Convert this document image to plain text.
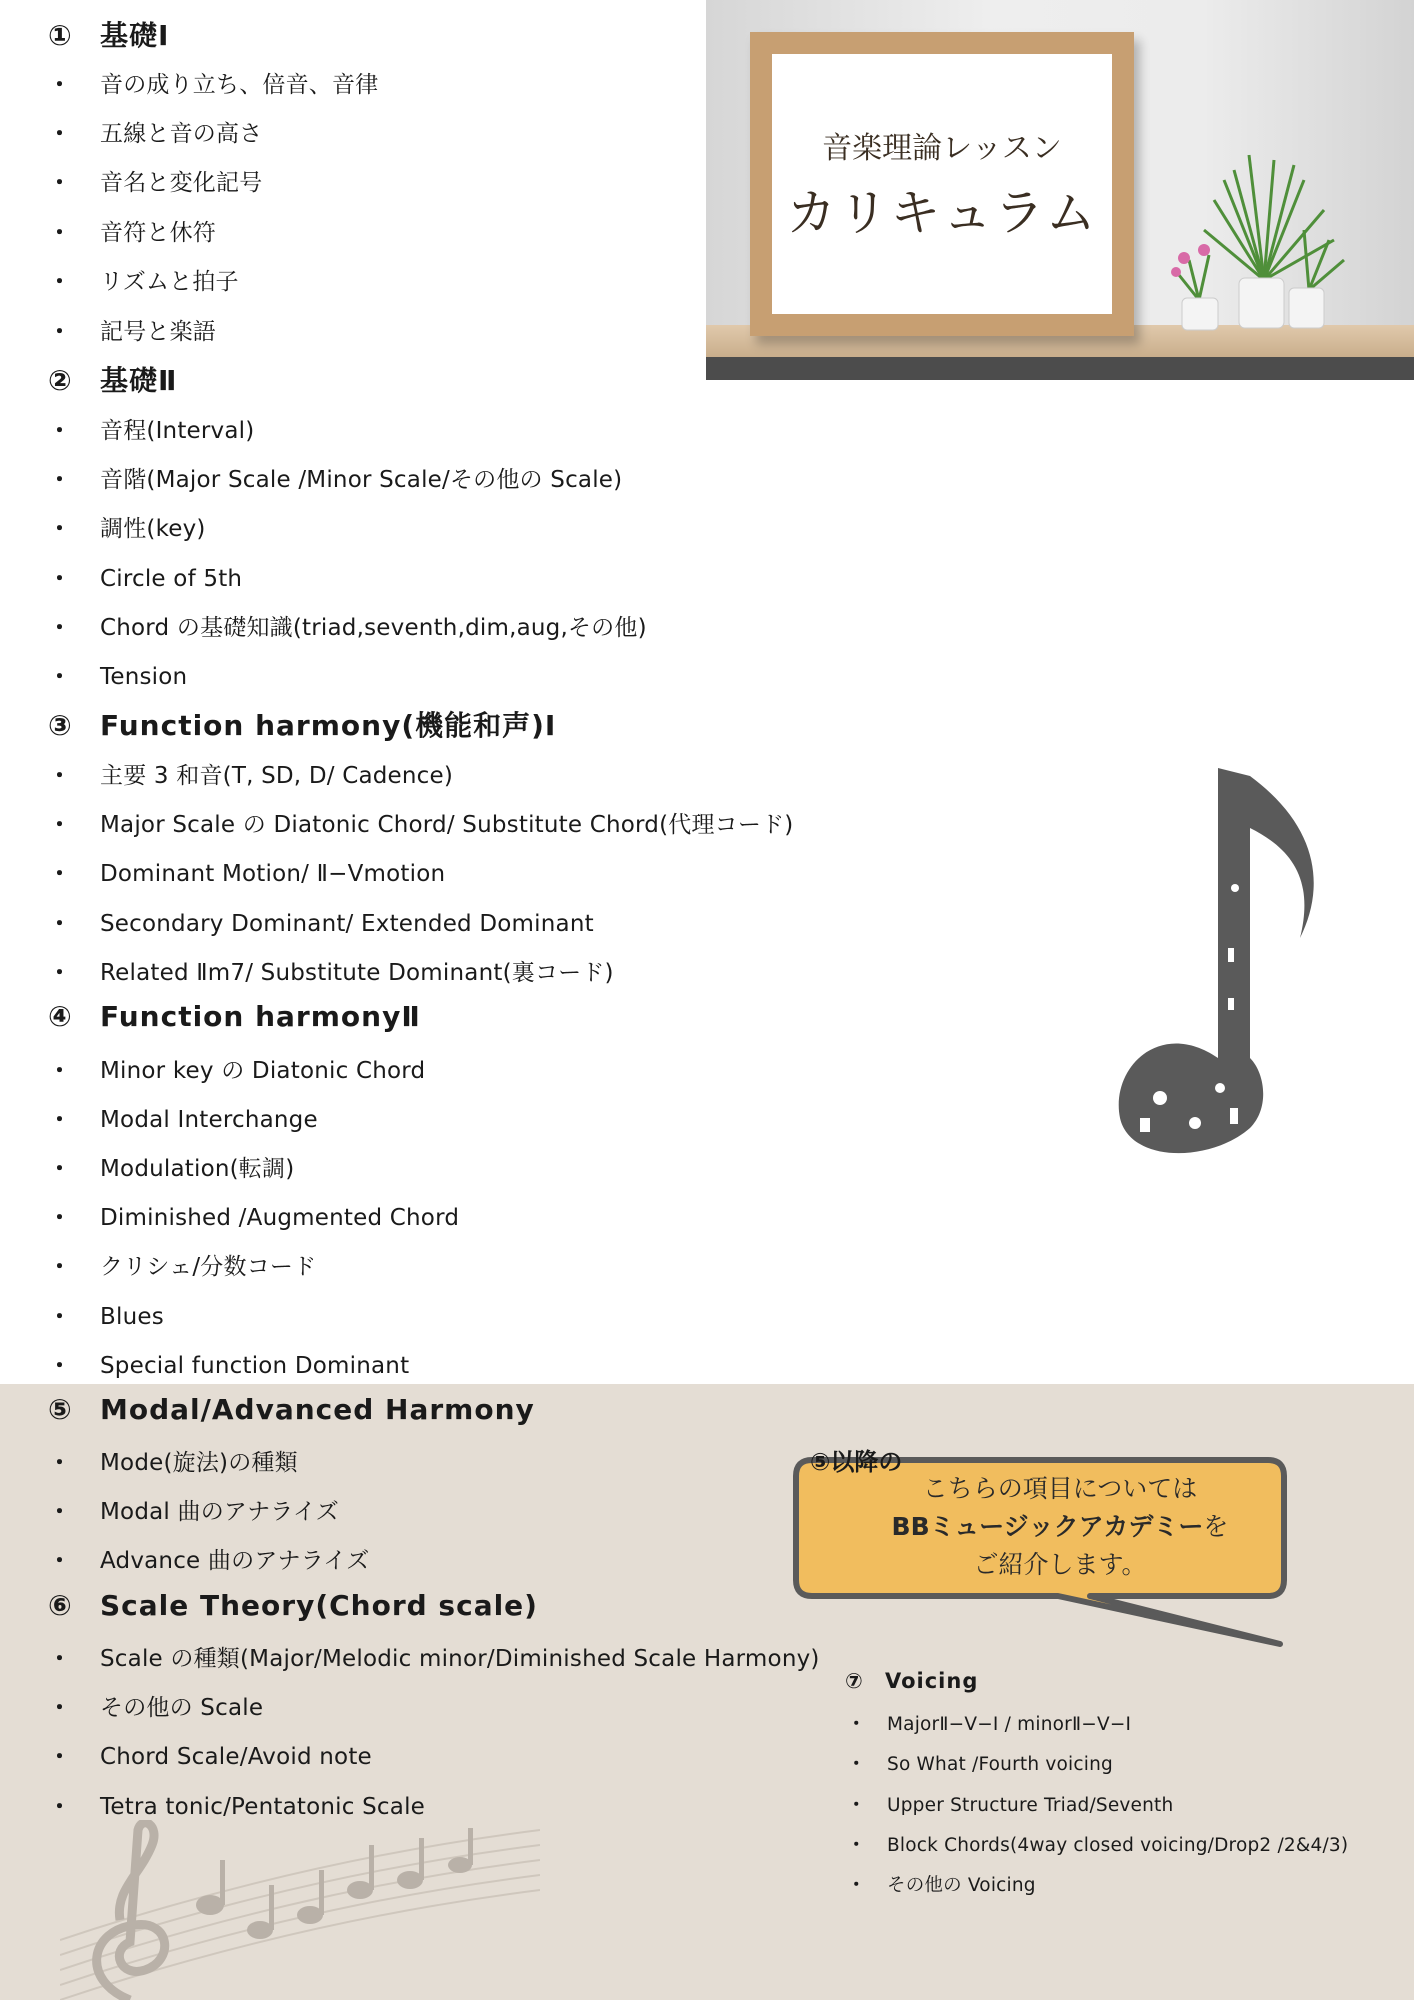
音楽理論レッスン
カリキュラム
① 基礎Ⅰ
・ 音の成り立ち、倍音、音律
・ 五線と音の高さ
・ 音名と変化記号
・ 音符と休符
・ リズムと拍子
・ 記号と楽語
② 基礎Ⅱ
・ 音程(Interval)
・ 音階(Major Scale /Minor Scale/その他の Scale)
・ 調性(key)
・ Circle of 5th
・ Chord の基礎知識(triad,seventh,dim,aug,その他)
・ Tension
③ Function harmony(機能和声)Ⅰ
・ 主要 3 和音(T, SD, D/ Cadence)
・ Major Scale の Diatonic Chord/ Substitute Chord(代理コード)
・ Dominant Motion/ Ⅱ−Ⅴmotion
・ Secondary Dominant/ Extended Dominant
・ Related Ⅱm7/ Substitute Dominant(裏コード)
④ Function harmonyⅡ
・ Minor key の Diatonic Chord
・ Modal Interchange
・ Modulation(転調)
・ Diminished /Augmented Chord
・ クリシェ/分数コード
・ Blues
・ Special function Dominant
⑤ Modal/Advanced Harmony
・ Mode(旋法)の種類
・ Modal 曲のアナライズ
・ Advance 曲のアナライズ
⑥ Scale Theory(Chord scale)
・ Scale の種類(Major/Melodic minor/Diminished Scale Harmony)
・ その他の Scale
・ Chord Scale/Avoid note
・ Tetra tonic/Pentatonic Scale
⑦ Voicing
・ MajorⅡ−Ⅴ−Ⅰ / minorⅡ−Ⅴ−Ⅰ
・ So What /Fourth voicing
・ Upper Structure Triad/Seventh
・ Block Chords(4way closed voicing/Drop2 /2&4/3)
・ その他の Voicing
⑤以降の
こちらの項目については
BBミュージックアカデミーを
ご紹介します。
